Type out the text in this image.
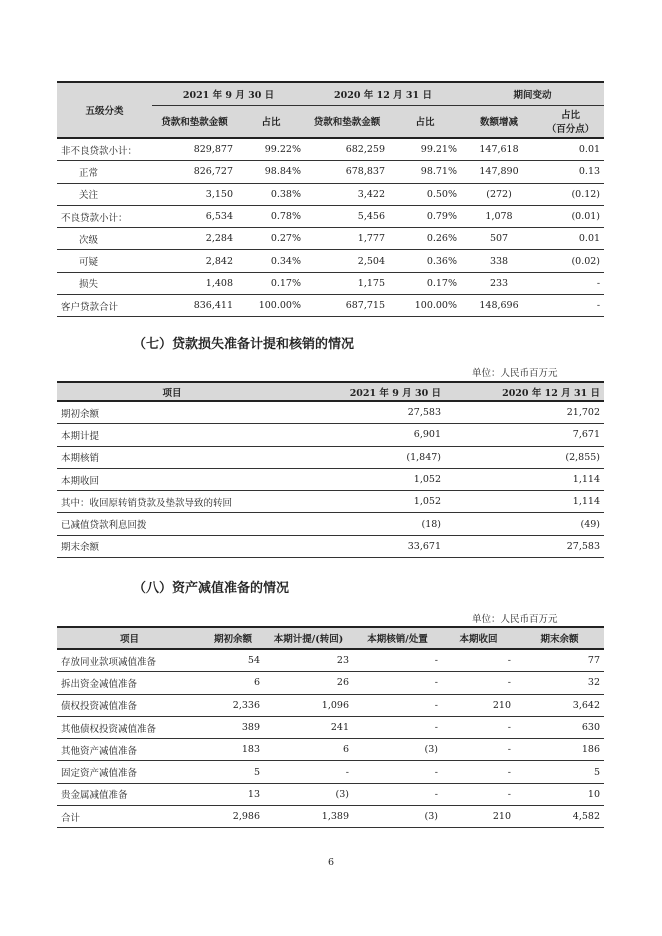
五级分类	2021 年 9 月 30 日		2020 年 12 月 31 日		期间变动	
	贷款和垫款金额	占比	贷款和垫款金额	占比	数额增减	占比
（百分点）
非不良贷款小计：	829,877	99.22%	682,259	99.21%	147,618	0.01
正常	826,727	98.84%	678,837	98.71%	147,890	0.13
关注	3,150	0.38%	3,422	0.50%	(272)	(0.12)
不良贷款小计：	6,534	0.78%	5,456	0.79%	1,078	(0.01)
次级	2,284	0.27%	1,777	0.26%	507	0.01
可疑	2,842	0.34%	2,504	0.36%	338	(0.02)
损失	1,408	0.17%	1,175	0.17%	233	-
客户贷款合计	836,411	100.00%	687,715	100.00%	148,696	-
（七）贷款损失准备计提和核销的情况
单位：人民币百万元
项目	2021 年 9 月 30 日	2020 年 12 月 31 日
期初余额	27,583	21,702
本期计提	6,901	7,671
本期核销	(1,847)	(2,855)
本期收回	1,052	1,114
其中：收回原转销贷款及垫款导致的转回	1,052	1,114
已减值贷款利息回拨	(18)	(49)
期末余额	33,671	27,583
（八）资产减值准备的情况
单位：人民币百万元
项目	期初余额	本期计提/(转回)	本期核销/处置	本期收回	期末余额
存放同业款项减值准备	54	23	-	-	77
拆出资金减值准备	6	26	-	-	32
债权投资减值准备	2,336	1,096	-	210	3,642
其他债权投资减值准备	389	241	-	-	630
其他资产减值准备	183	6	(3)	-	186
固定资产减值准备	5	-	-	-	5
贵金属减值准备	13	(3)	-	-	10
合计	2,986	1,389	(3)	210	4,582
6
